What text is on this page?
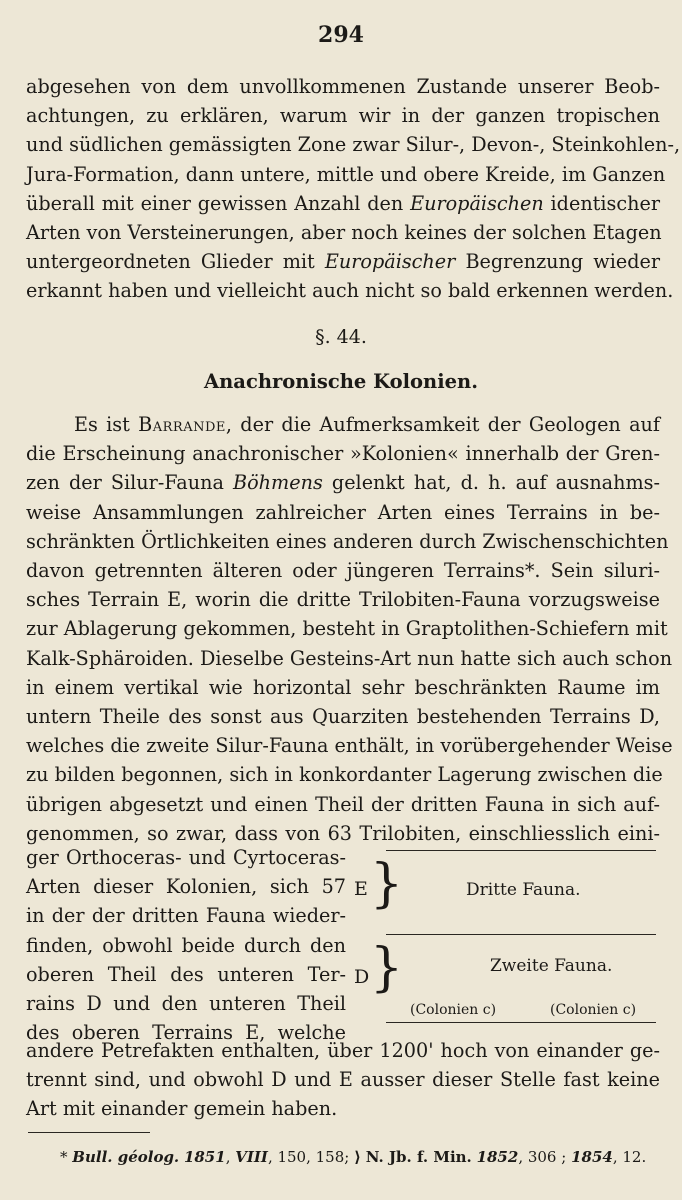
294
abgesehen von dem unvollkommenen Zustande unserer Beob-
achtungen, zu erklären, warum wir in der ganzen tropischen
und südlichen gemässigten Zone zwar Silur-, Devon-, Steinkohlen-,
Jura-Formation, dann untere, mittle und obere Kreide, im Ganzen
überall mit einer gewissen Anzahl den Europäischen identischer
Arten von Versteinerungen, aber noch keines der solchen Etagen
untergeordneten Glieder mit Europäischer Begrenzung wieder
erkannt haben und vielleicht auch nicht so bald erkennen werden.
§. 44.
Anachronische Kolonien.
Es ist Barrande, der die Aufmerksamkeit der Geologen auf
die Erscheinung anachronischer »Kolonien« innerhalb der Gren-
zen der Silur-Fauna Böhmens gelenkt hat, d. h. auf ausnahms-
weise Ansammlungen zahlreicher Arten eines Terrains in be-
schränkten Örtlichkeiten eines anderen durch Zwischenschichten
davon getrennten älteren oder jüngeren Terrains*. Sein siluri-
sches Terrain E, worin die dritte Trilobiten-Fauna vorzugsweise
zur Ablagerung gekommen, besteht in Graptolithen-Schiefern mit
Kalk-Sphäroiden. Dieselbe Gesteins-Art nun hatte sich auch schon
in einem vertikal wie horizontal sehr beschränkten Raume im
untern Theile des sonst aus Quarziten bestehenden Terrains D,
welches die zweite Silur-Fauna enthält, in vorübergehender Weise
zu bilden begonnen, sich in konkordanter Lagerung zwischen die
übrigen abgesetzt und einen Theil der dritten Fauna in sich auf-
genommen, so zwar, dass von 63 Trilobiten, einschliesslich eini-
ger Orthoceras- und Cyrtoceras-
Arten dieser Kolonien, sich 57
in der der dritten Fauna wieder-
finden, obwohl beide durch den
oberen Theil des unteren Ter-
rains D und den unteren Theil
des oberen Terrains E, welche
}
}
E
D
Dritte Fauna.
Zweite Fauna.
(Colonien c)	(Colonien c)
andere Petrefakten enthalten, über 1200' hoch von einander ge-
trennt sind, und obwohl D und E ausser dieser Stelle fast keine
Art mit einander gemein haben.
* Bull. géolog. 1851, VIII, 150, 158; ⟩ N. Jb. f. Min. 1852, 306 ; 1854, 12.
